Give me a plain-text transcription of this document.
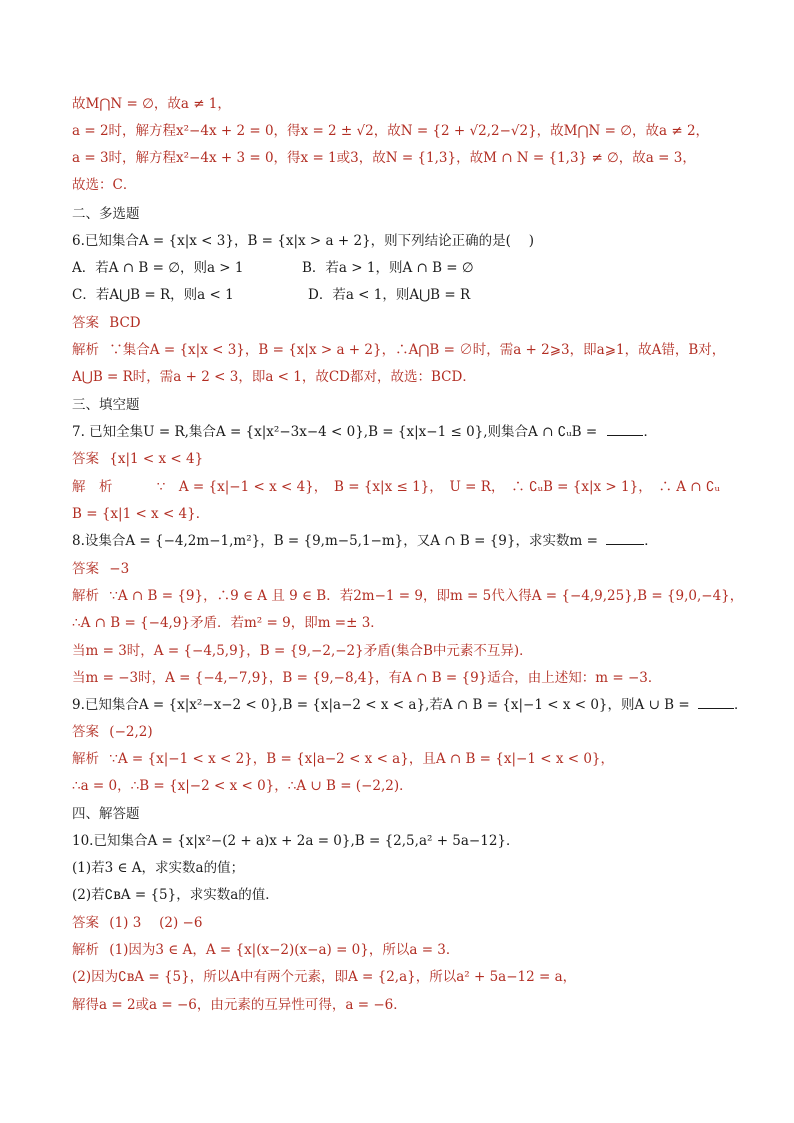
故M⋂N = ∅，故a ≠ 1，
a = 2时，解方程x²−4x + 2 = 0，得x = 2 ± √2，故N = {2 + √2,2−√2}，故M⋂N = ∅，故a ≠ 2，
a = 3时，解方程x²−4x + 3 = 0，得x = 1或3，故N = {1,3}，故M ∩ N = {1,3} ≠ ∅，故a = 3，
故选：C．
二、多选题
6.已知集合A = {x|x < 3}，B = {x|x > a + 2}，则下列结论正确的是(　 )
A．若A ∩ B = ∅，则a > 1	B．若a > 1，则A ∩ B = ∅
C．若A⋃B = R，则a < 1	D．若a < 1，则A⋃B = R
答案 BCD
解析 ∵集合A = {x|x < 3}，B = {x|x > a + 2}，∴A⋂B = ∅时，需a + 2⩾3，即a⩾1，故A错，B对，
A⋃B = R时，需a + 2 < 3，即a < 1，故CD都对，故选：BCD．
三、填空题
7. 已知全集U = R,集合A = {x|x²−3x−4 < 0},B = {x|x−1 ≤ 0},则集合A ∩ ∁ᵤB =	．
答案 {x|1 < x < 4}
解　析	∵　A = {x|−1 < x < 4}，　B = {x|x ≤ 1}，　U = R，　∴ ∁ᵤB = {x|x > 1}，　∴ A ∩ ∁ᵤ
B = {x|1 < x < 4}．
8.设集合A = {−4,2m−1,m²}，B = {9,m−5,1−m}，又A ∩ B = {9}，求实数m =	．
答案 −3
解析 ∵A ∩ B = {9}，∴9 ∈ A 且 9 ∈ B．若2m−1 = 9，即m = 5代入得A = {−4,9,25},B = {9,0,−4}，
∴A ∩ B = {−4,9}矛盾．若m² = 9，即m =± 3．
当m = 3时，A = {−4,5,9}，B = {9,−2,−2}矛盾(集合B中元素不互异)．
当m = −3时，A = {−4,−7,9}，B = {9,−8,4}，有A ∩ B = {9}适合，由上述知：m = −3．
9.已知集合A = {x|x²−x−2 < 0},B = {x|a−2 < x < a},若A ∩ B = {x|−1 < x < 0}，则A ∪ B =	．
答案 (−2,2)
解析 ∵A = {x|−1 < x < 2}，B = {x|a−2 < x < a}，且A ∩ B = {x|−1 < x < 0}，
∴a = 0，∴B = {x|−2 < x < 0}，∴A ∪ B = (−2,2)．
四、解答题
10.已知集合A = {x|x²−(2 + a)x + 2a = 0},B = {2,5,a² + 5a−12}．
(1)若3 ∈ A，求实数a的值；
(2)若∁ʙA = {5}，求实数a的值．
答案 (1) 3　 (2) −6
解析 (1)因为3 ∈ A，A = {x|(x−2)(x−a) = 0}，所以a = 3．
(2)因为∁ʙA = {5}，所以A中有两个元素，即A = {2,a}，所以a² + 5a−12 = a，
解得a = 2或a = −6，由元素的互异性可得，a = −6．
